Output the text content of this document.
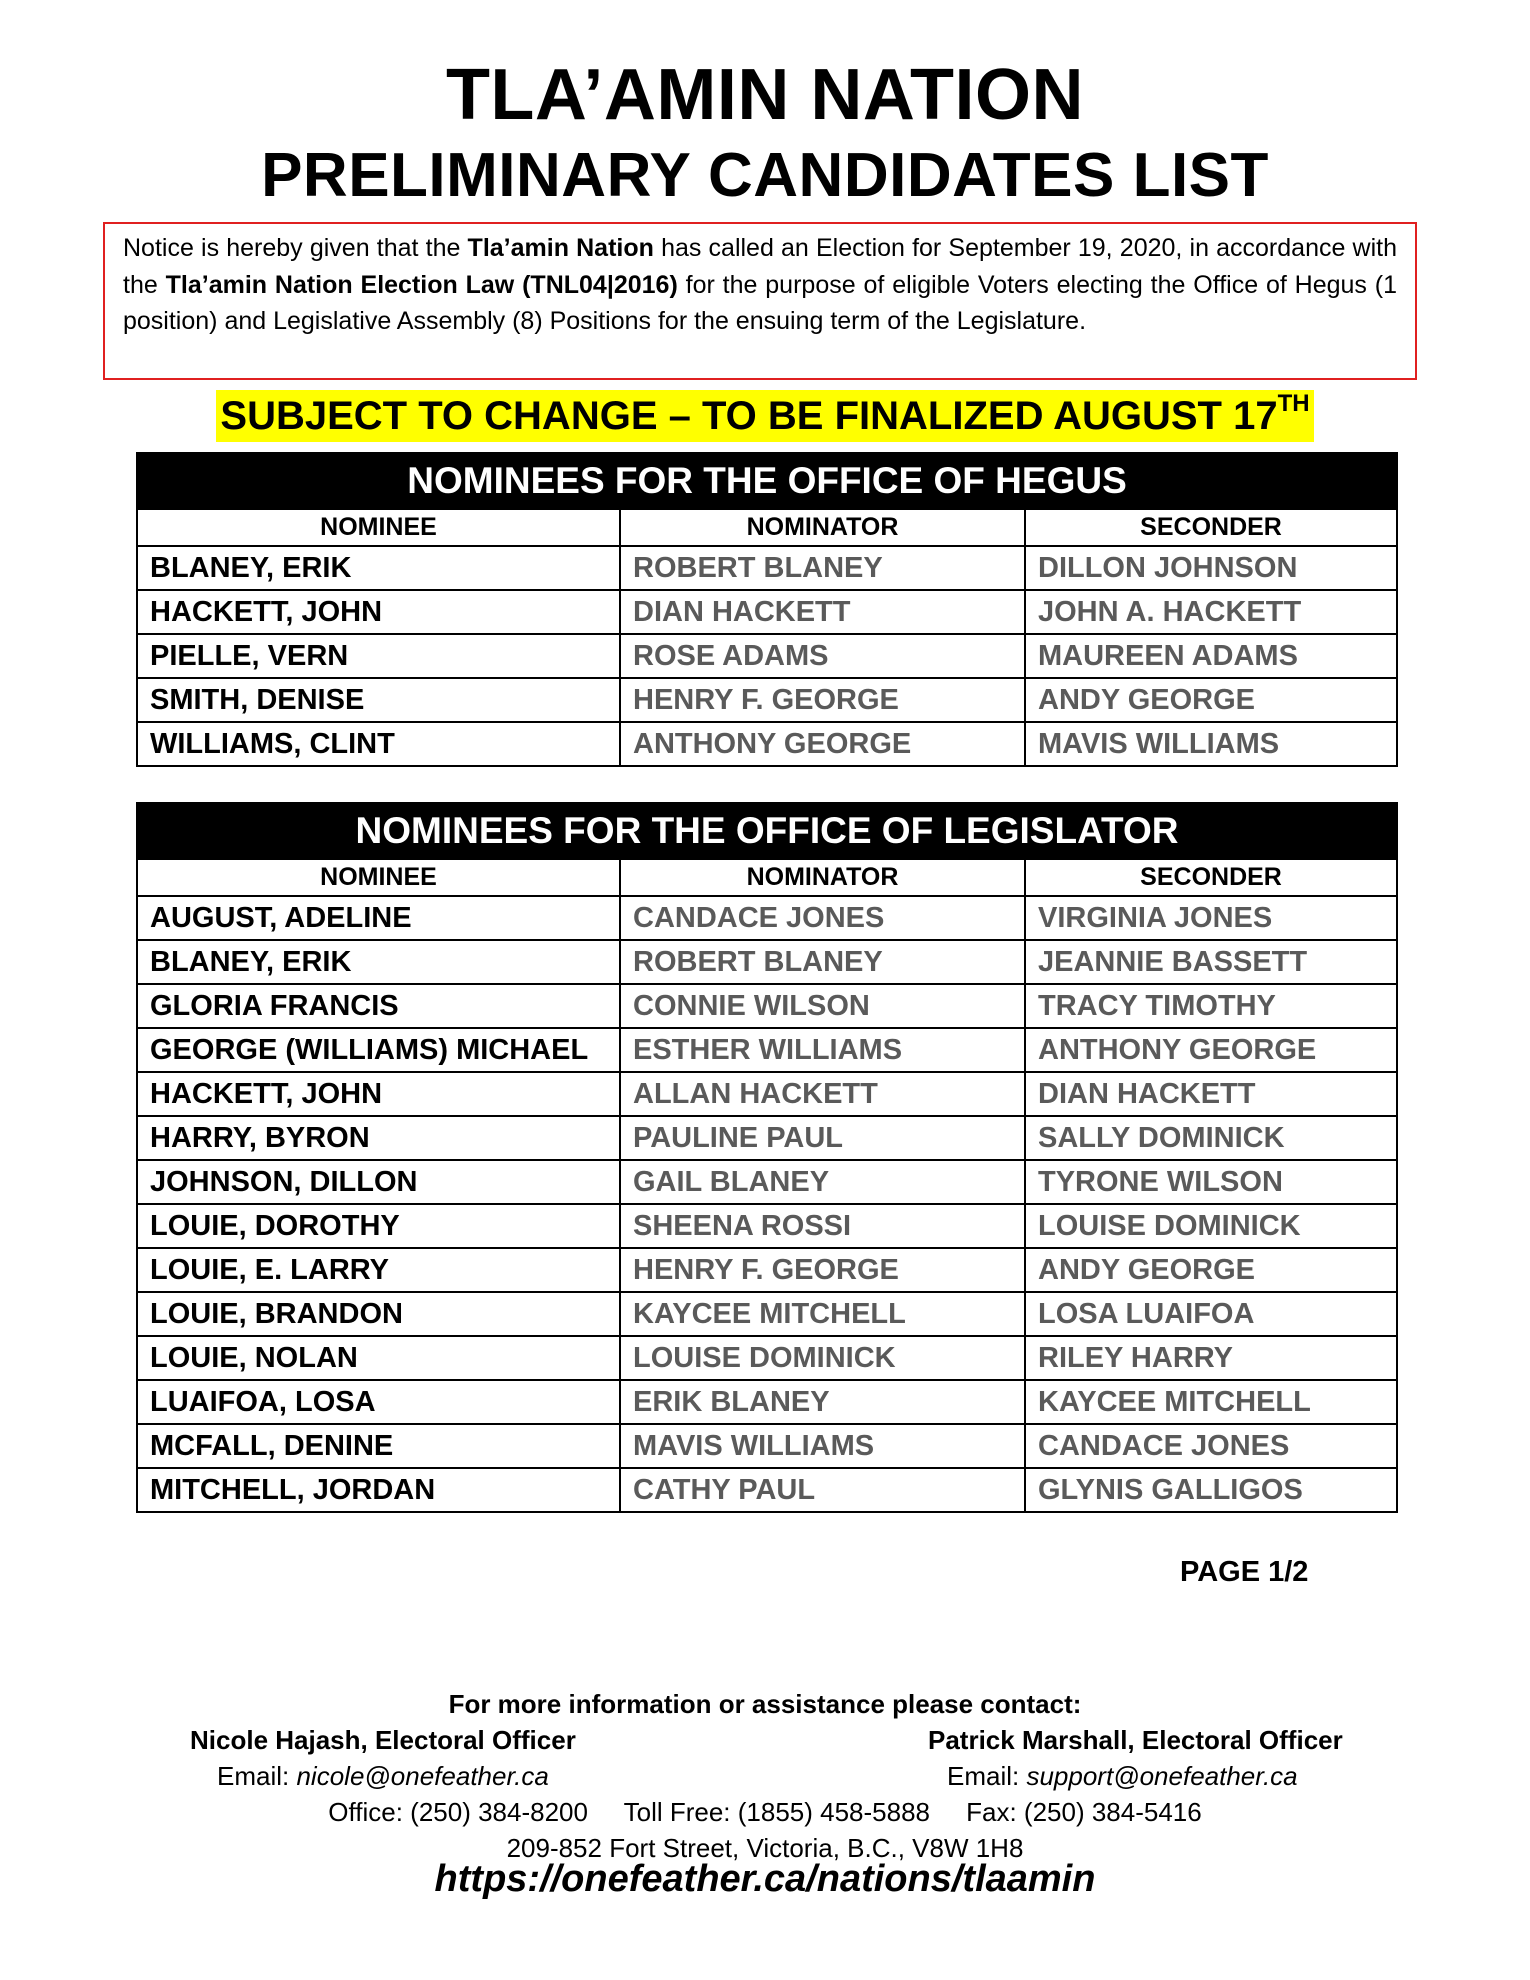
TLA’AMIN NATION
PRELIMINARY CANDIDATES LIST
Notice is hereby given that the Tla’amin Nation has called an Election for September 19, 2020, in accordance with the Tla’amin Nation Election Law (TNL04|2016) for the purpose of eligible Voters electing the Office of Hegus (1 position) and Legislative Assembly (8) Positions for the ensuing term of the Legislature.
SUBJECT TO CHANGE – TO BE FINALIZED AUGUST 17TH
NOMINEES FOR THE OFFICE OF HEGUS		
NOMINEE	NOMINATOR	SECONDER
BLANEY, ERIK	ROBERT BLANEY	DILLON JOHNSON
HACKETT, JOHN	DIAN HACKETT	JOHN A. HACKETT
PIELLE, VERN	ROSE ADAMS	MAUREEN ADAMS
SMITH, DENISE	HENRY F. GEORGE	ANDY GEORGE
WILLIAMS, CLINT	ANTHONY GEORGE	MAVIS WILLIAMS
NOMINEES FOR THE OFFICE OF LEGISLATOR		
NOMINEE	NOMINATOR	SECONDER
AUGUST, ADELINE	CANDACE JONES	VIRGINIA JONES
BLANEY, ERIK	ROBERT BLANEY	JEANNIE BASSETT
GLORIA FRANCIS	CONNIE WILSON	TRACY TIMOTHY
GEORGE (WILLIAMS) MICHAEL	ESTHER WILLIAMS	ANTHONY GEORGE
HACKETT, JOHN	ALLAN HACKETT	DIAN HACKETT
HARRY, BYRON	PAULINE PAUL	SALLY DOMINICK
JOHNSON, DILLON	GAIL BLANEY	TYRONE WILSON
LOUIE, DOROTHY	SHEENA ROSSI	LOUISE DOMINICK
LOUIE, E. LARRY	HENRY F. GEORGE	ANDY GEORGE
LOUIE, BRANDON	KAYCEE MITCHELL	LOSA LUAIFOA
LOUIE, NOLAN	LOUISE DOMINICK	RILEY HARRY
LUAIFOA, LOSA	ERIK BLANEY	KAYCEE MITCHELL
MCFALL, DENINE	MAVIS WILLIAMS	CANDACE JONES
MITCHELL, JORDAN	CATHY PAUL	GLYNIS GALLIGOS
PAGE 1/2
For more information or assistance please contact:
Nicole Hajash, Electoral Officer	Patrick Marshall, Electoral Officer
Email: nicole@onefeather.ca	Email: support@onefeather.ca
Office: (250) 384-8200     Toll Free: (1855) 458-5888     Fax: (250) 384-5416
209-852 Fort Street, Victoria, B.C., V8W 1H8
https://onefeather.ca/nations/tlaamin
